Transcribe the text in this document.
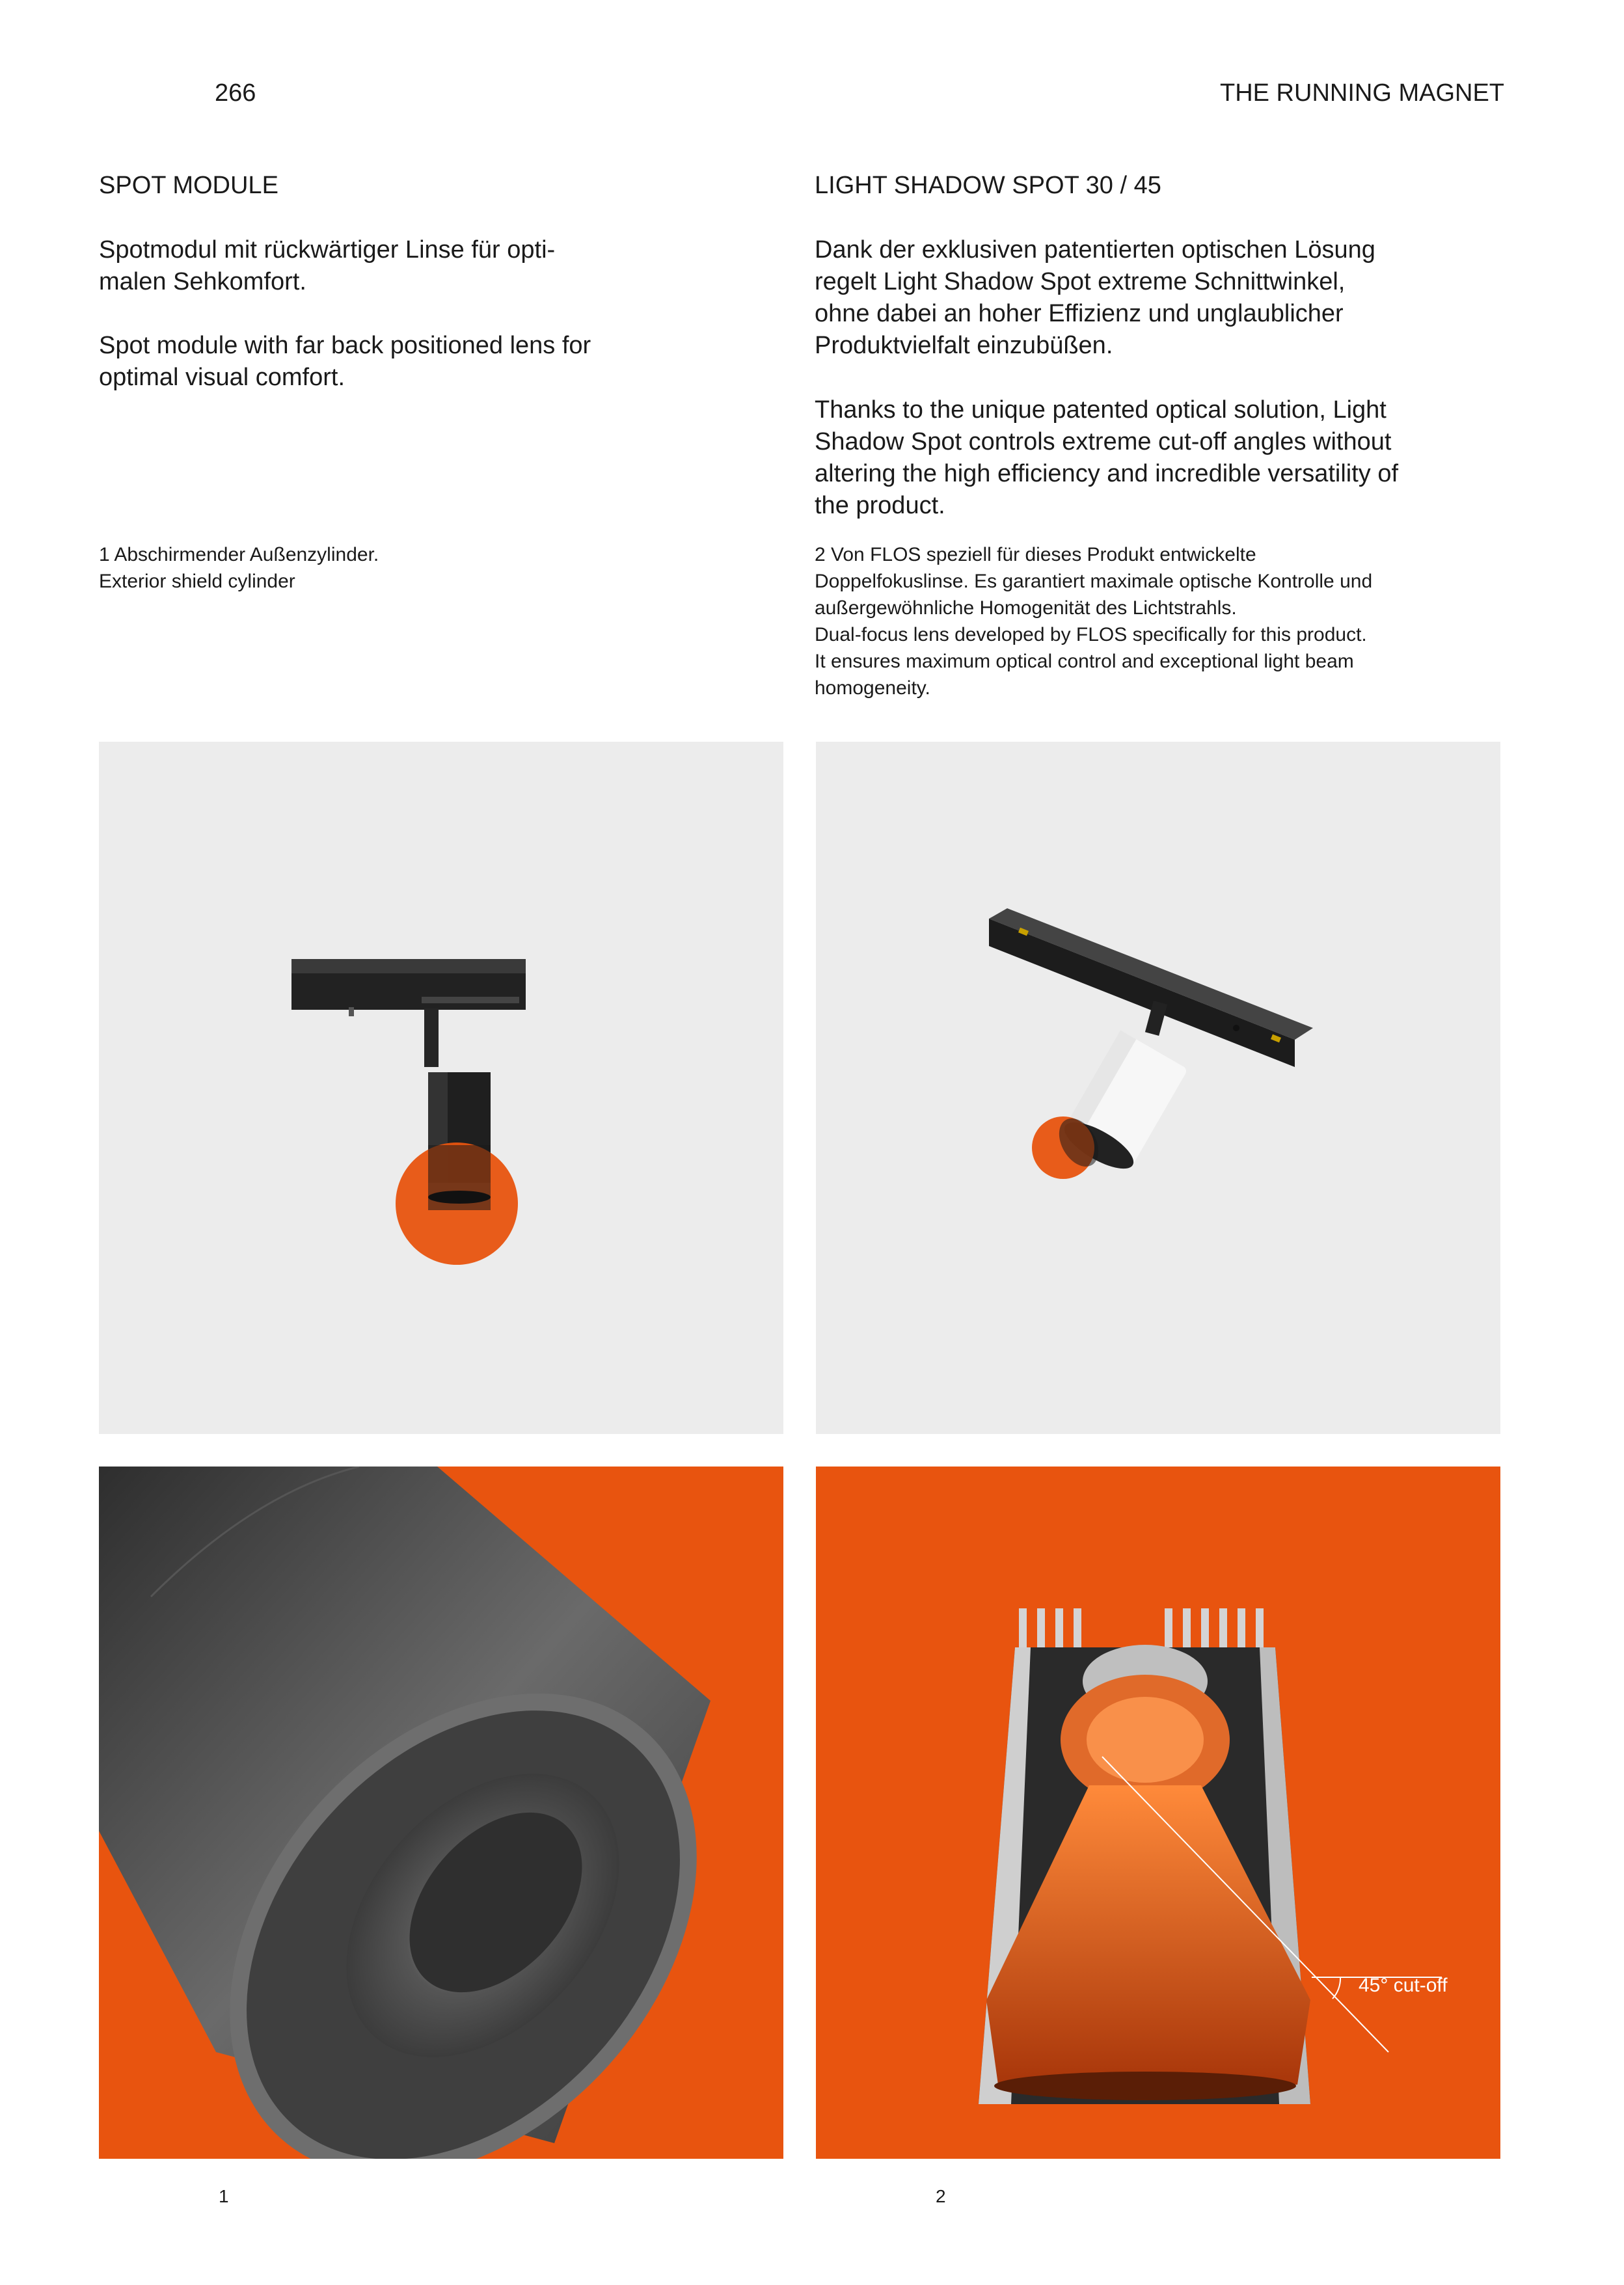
266	THE RUNNING MAGNET
SPOT MODULE
Spotmodul mit rückwärtiger Linse für opti-
malen Sehkomfort.
Spot module with far back positioned lens for
optimal visual comfort.
1 Abschirmender Außenzylinder.
Exterior shield cylinder
LIGHT SHADOW SPOT 30 / 45
Dank der exklusiven patentierten optischen Lösung
regelt Light Shadow Spot extreme Schnittwinkel,
ohne dabei an hoher Effizienz und unglaublicher
Produktvielfalt einzubüßen.
Thanks to the unique patented optical solution, Light
Shadow Spot controls extreme cut-off angles without
altering the high efficiency and incredible versatility of
the product.
2 Von FLOS speziell für dieses Produkt entwickelte
Doppelfokuslinse. Es garantiert maximale optische Kontrolle und
außergewöhnliche Homogenität des Lichtstrahls.
Dual-focus lens developed by FLOS specifically for this product.
It ensures maximum optical control and exceptional light beam
homogeneity.
45° cut-off
1	2
